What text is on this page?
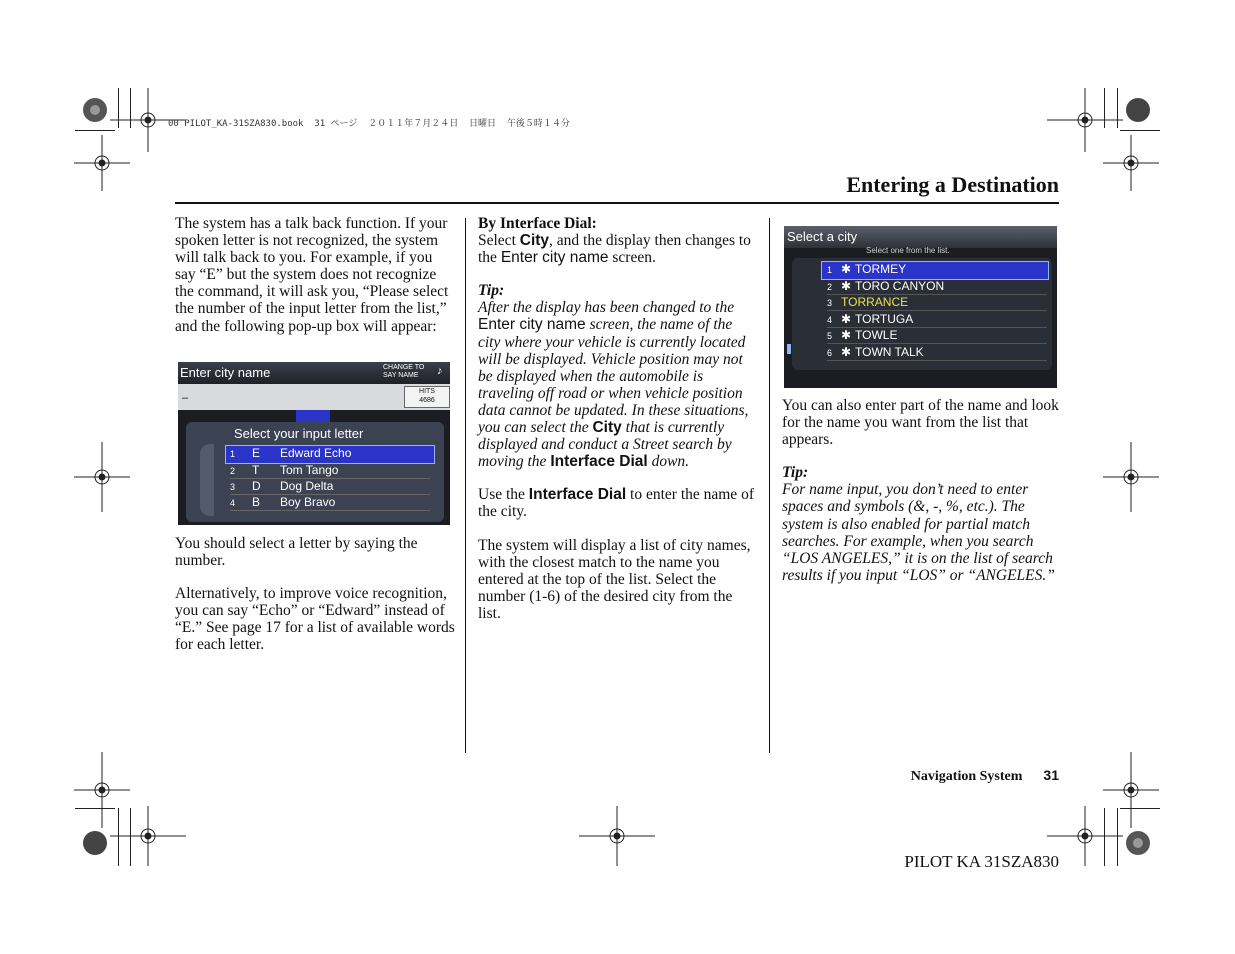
00 PILOT_KA-31SZA830.book  31 ページ  ２０１１年７月２４日  日曜日  午後５時１４分
Entering a Destination

The system has a talk back function. If your spoken letter is not recognized, the system will talk back to you. For example, if you say “E” but the system does not recognize the command, it will ask you, “Please select the number of the input letter from the list,” and the following pop-up box will appear:

Enter city name	CHANGE TO
SAY NAME	♪
–
HITS
4686
Select your input letter
1 E Edward Echo
2 T Tom Tango
3 D Dog Delta
4 B Boy Bravo

You should select a letter by saying the number.

Alternatively, to improve voice recognition, you can say “Echo” or “Edward” instead of “E.” See page 17 for a list of available words for each letter.

By Interface Dial:

Select City, and the display then changes to the Enter city name screen.

Tip:

After the display has been changed to the Enter city name screen, the name of the city where your vehicle is currently located will be displayed. Vehicle position may not be displayed when the automobile is traveling off road or when vehicle position data cannot be updated. In these situations, you can select the City that is currently displayed and conduct a Street search by moving the Interface Dial down.

Use the Interface Dial to enter the name of the city.

The system will display a list of city names, with the closest match to the name you entered at the top of the list. Select the number (1-6) of the desired city from the list.

Select a city
Select one from the list.
1 ✱ TORMEY
2 ✱ TORO CANYON
3 TORRANCE
4 ✱ TORTUGA
5 ✱ TOWLE
6 ✱ TOWN TALK

You can also enter part of the name and look for the name you want from the list that appears.

Tip:

For name input, you don’t need to enter spaces and symbols (&, -, %, etc.). The system is also enabled for partial match searches. For example, when you search “LOS ANGELES,” it is on the list of search results if you input “LOS” or “ANGELES.”

Navigation System 31
PILOT KA 31SZA830
